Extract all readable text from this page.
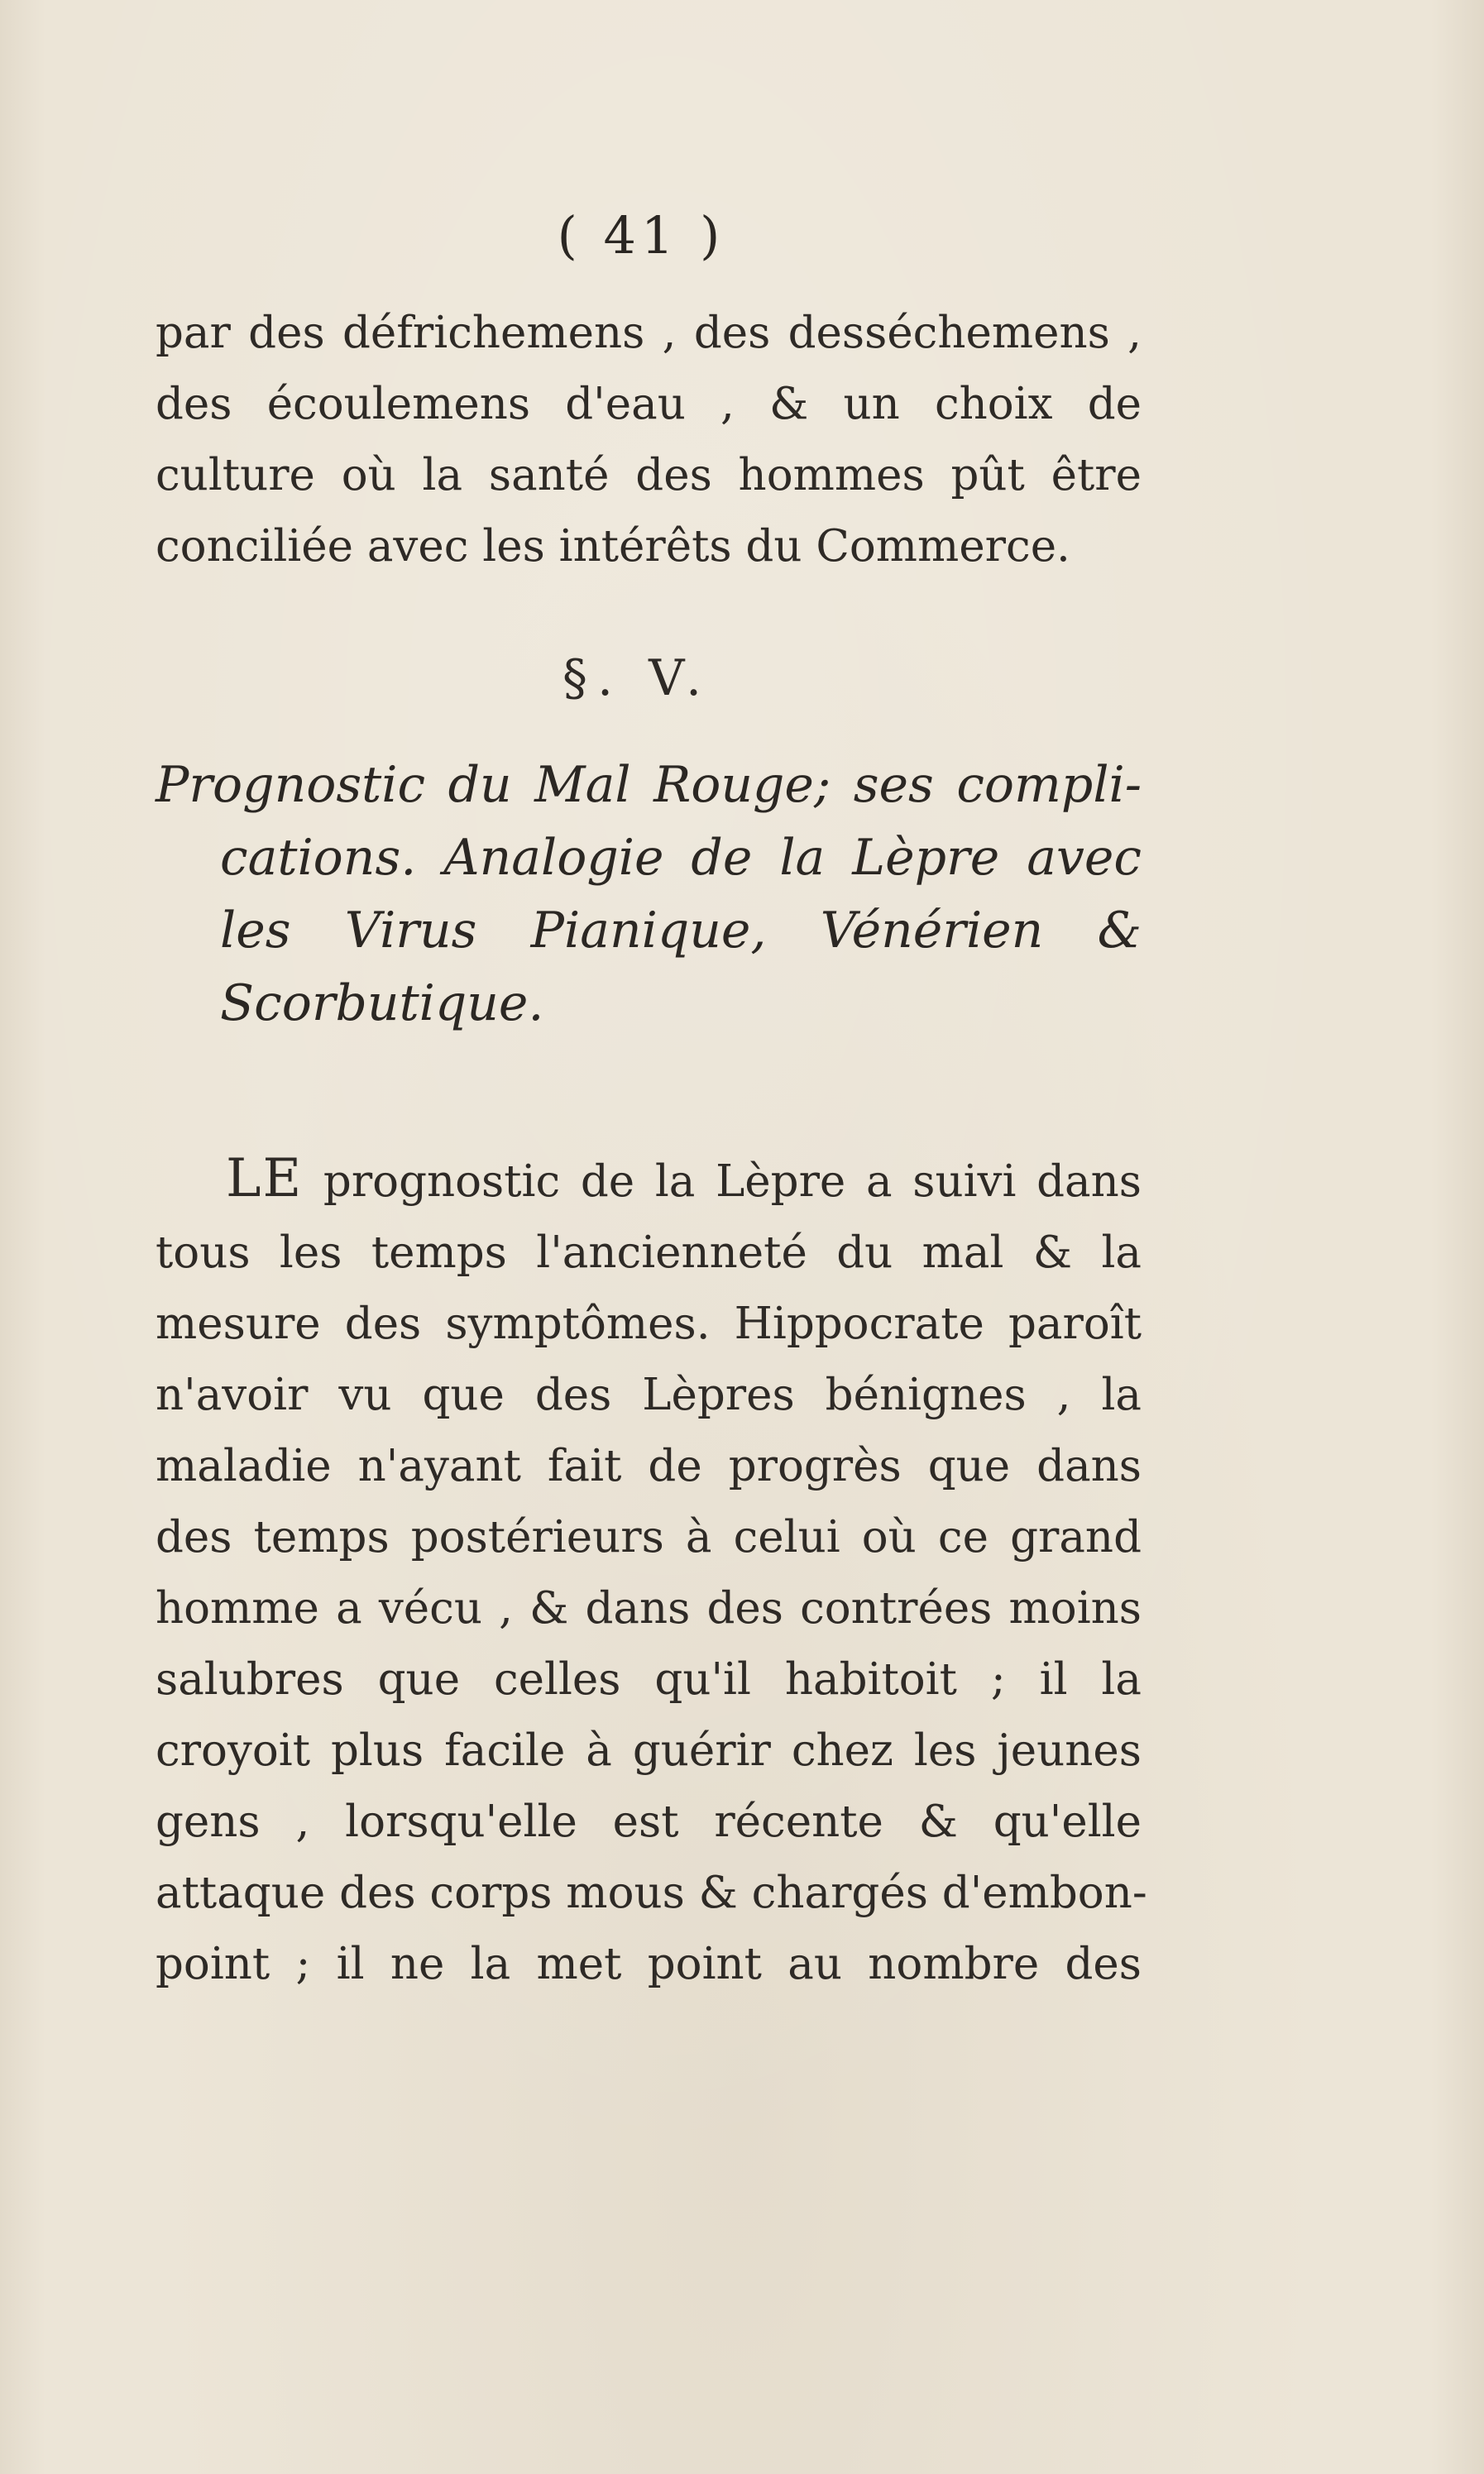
( 41 )
par des défrichemens , des desséchemens ,
des écoulemens d'eau , & un choix de
culture où la santé des hommes pût être
conciliée avec les intérêts du Commerce.
§. V.
Prognostic du Mal Rouge; ses compli-
cations. Analogie de la Lèpre avec
les Virus Pianique, Vénérien &
Scorbutique.
LE prognostic de la Lèpre a suivi dans
tous les temps l'ancienneté du mal & la
mesure des symptômes. Hippocrate paroît
n'avoir vu que des Lèpres bénignes , la
maladie n'ayant fait de progrès que dans
des temps postérieurs à celui où ce grand
homme a vécu , & dans des contrées moins
salubres que celles qu'il habitoit ; il la
croyoit plus facile à guérir chez les jeunes
gens , lorsqu'elle est récente & qu'elle
attaque des corps mous & chargés d'embon-
point ; il ne la met point au nombre des
